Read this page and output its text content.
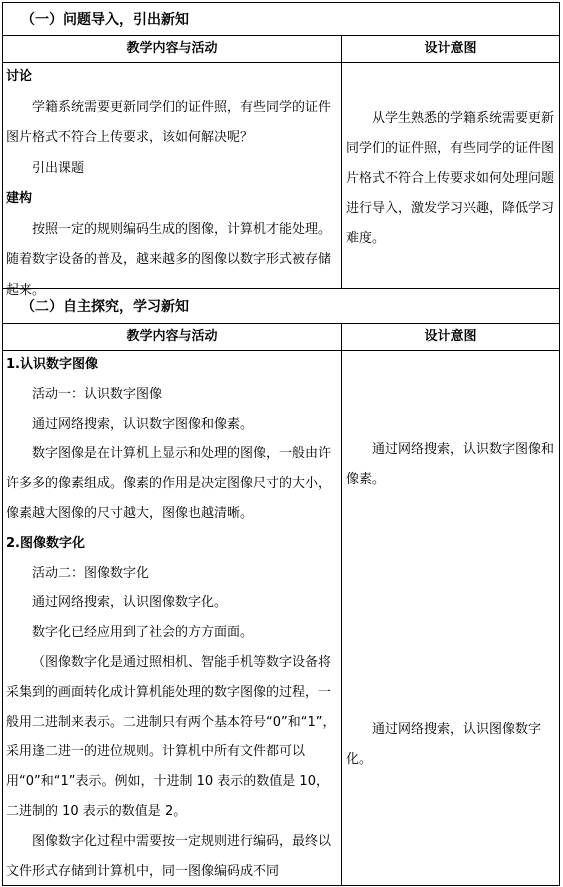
（一）问题导入，引出新知
教学内容与活动	设计意图

讨论

学籍系统需要更新同学们的证件照，有些同学的证件图片格式不符合上传要求，该如何解决呢？

引出课题

建构

按照一定的规则编码生成的图像，计算机才能处理。随着数字设备的普及，越来越多的图像以数字形式被存储起来。

从学生熟悉的学籍系统需要更新同学们的证件照，有些同学的证件图片格式不符合上传要求如何处理问题进行导入，激发学习兴趣，降低学习难度。

（二）自主探究，学习新知
教学内容与活动	设计意图

1.认识数字图像

活动一：认识数字图像

通过网络搜索，认识数字图像和像素。

数字图像是在计算机上显示和处理的图像，一般由许许多多的像素组成。像素的作用是决定图像尺寸的大小，像素越大图像的尺寸越大，图像也越清晰。

2.图像数字化

活动二：图像数字化

通过网络搜索，认识图像数字化。

数字化已经应用到了社会的方方面面。

（图像数字化是通过照相机、智能手机等数字设备将采集到的画面转化成计算机能处理的数字图像的过程，一般用二进制来表示。二进制只有两个基本符号“0”和“1”，采用逢二进一的进位规则。计算机中所有文件都可以用“0”和“1”表示。例如，十进制 10 表示的数值是 10，二进制的 10 表示的数值是 2。

图像数字化过程中需要按一定规则进行编码，最终以文件形式存储到计算机中，同一图像编码成不同

通过网络搜索，认识数字图像和像素。

通过网络搜索，认识图像数字化。
